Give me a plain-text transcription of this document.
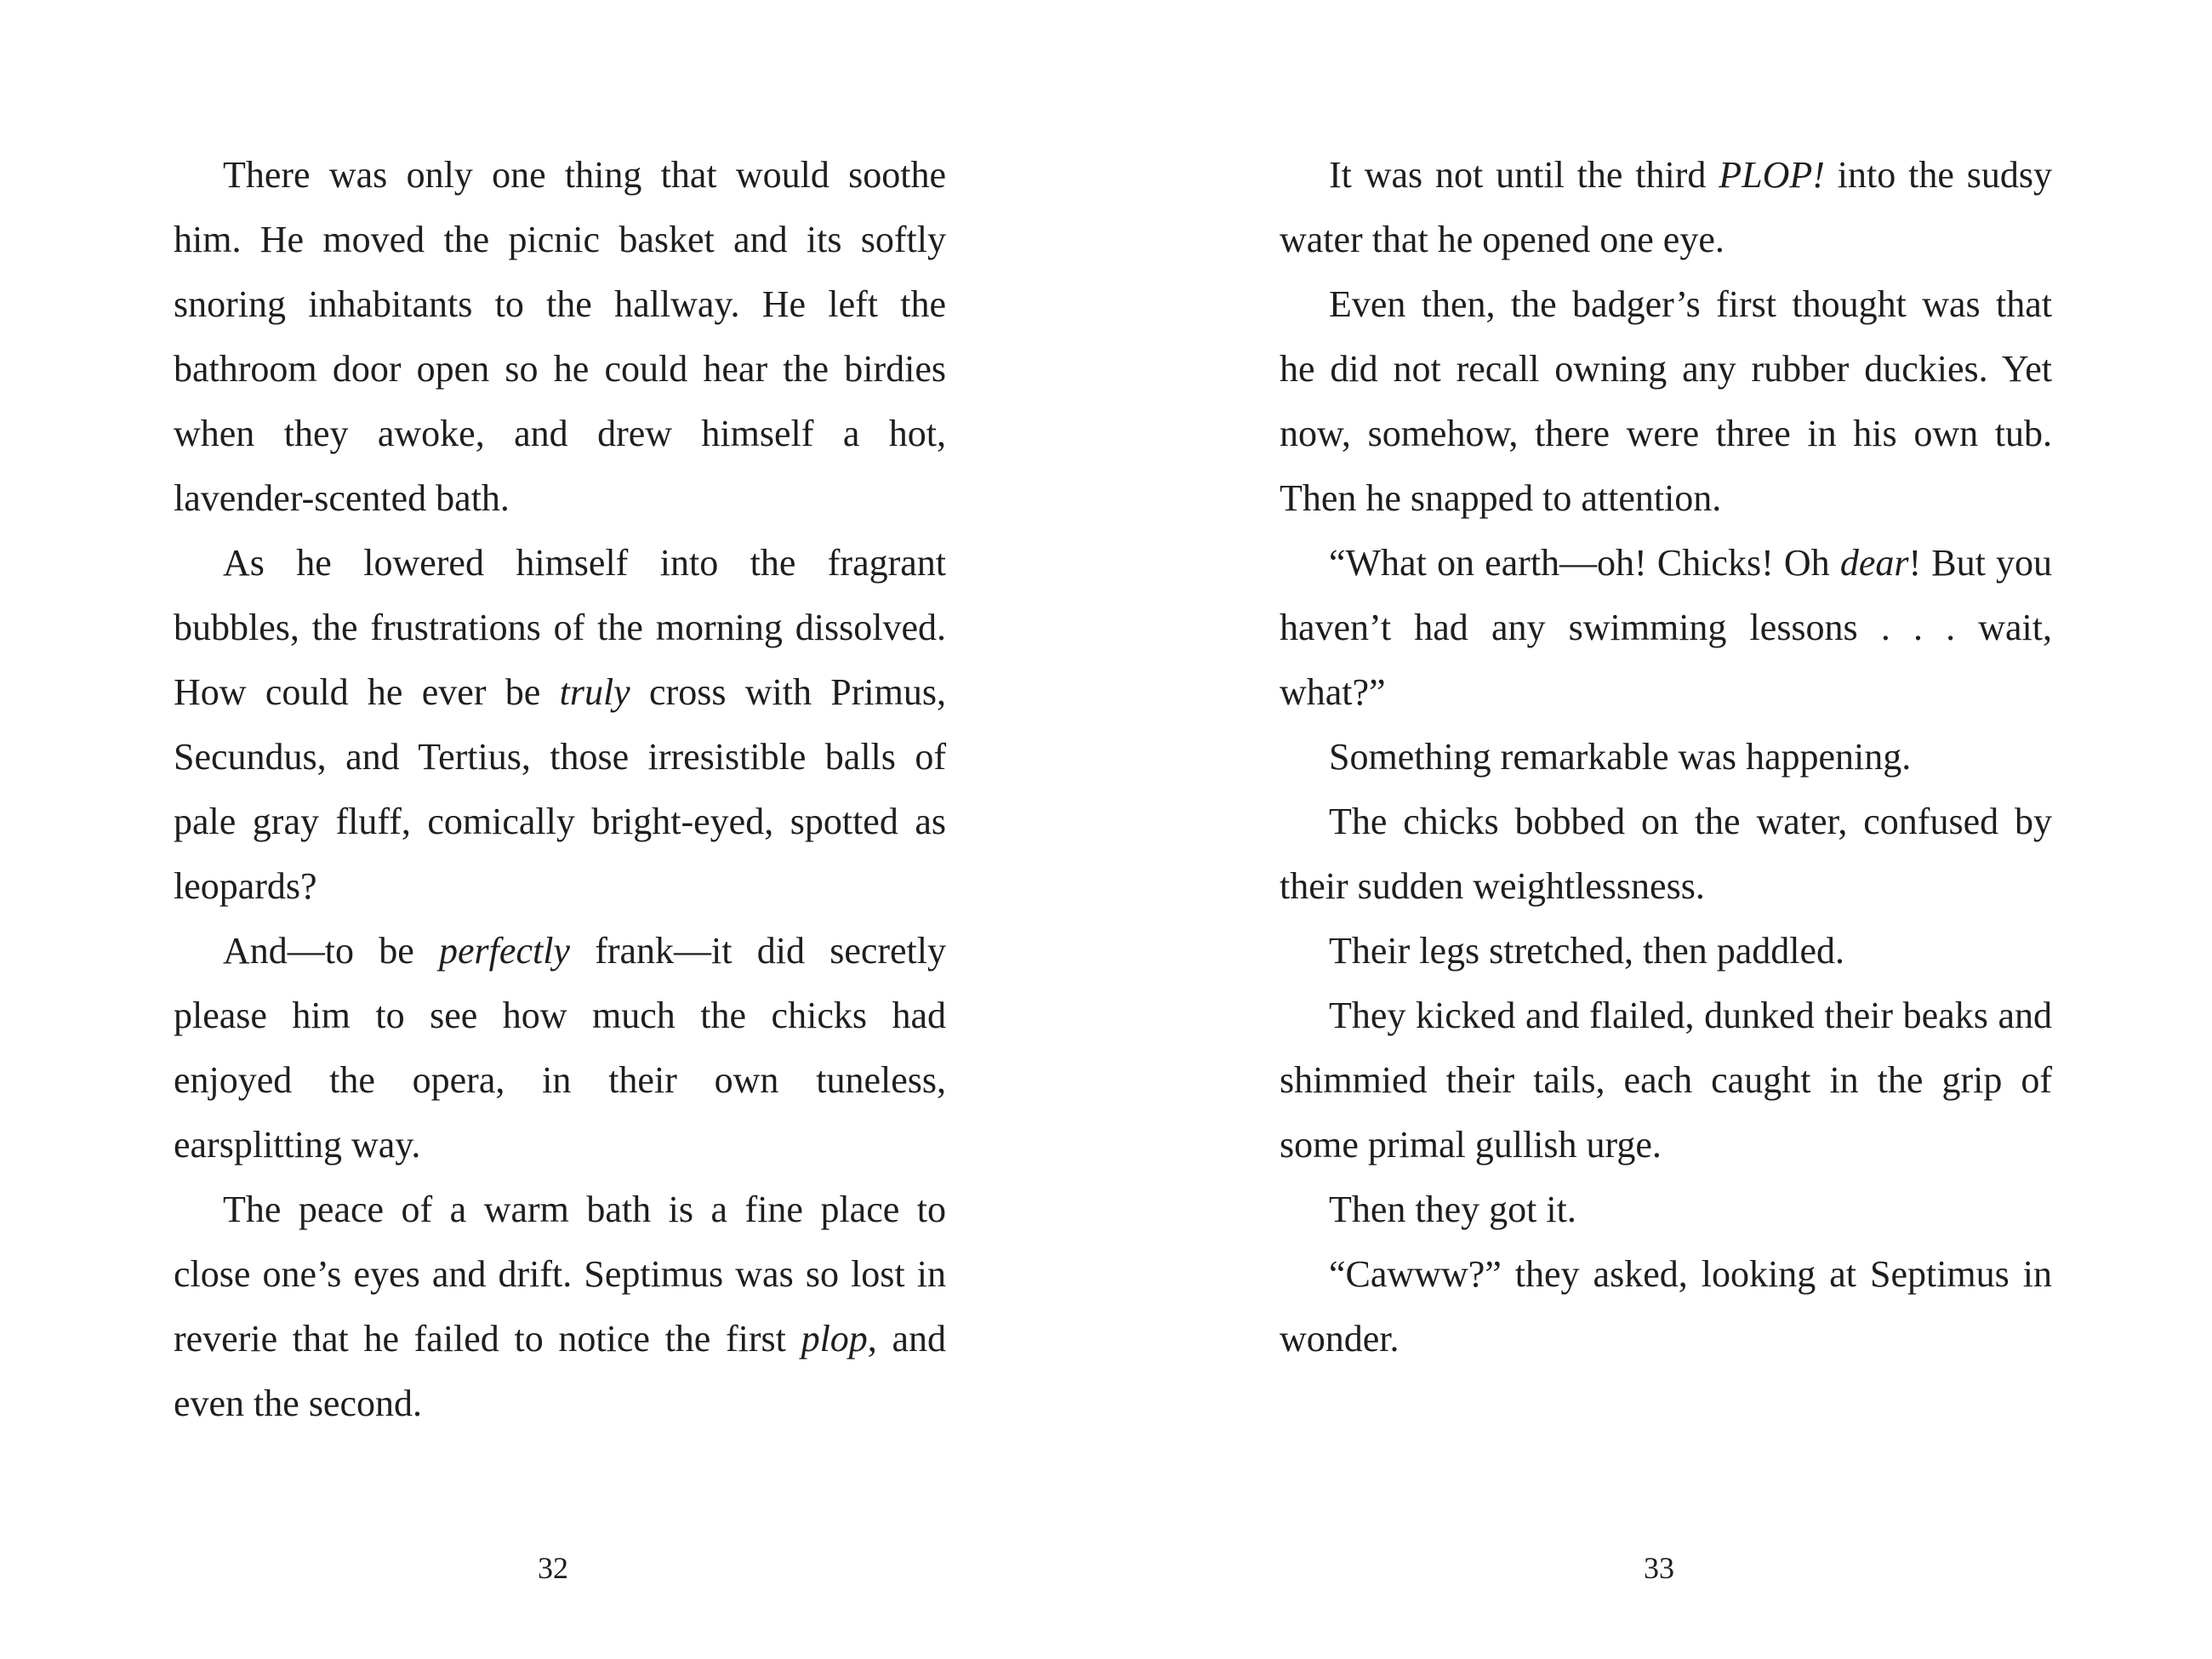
There was only one thing that would soothe him. He moved the picnic basket and its softly snoring inhabitants to the hallway. He left the bathroom door open so he could hear the birdies when they awoke, and drew himself a hot, lavender-scented bath.

As he lowered himself into the fragrant bubbles, the frustrations of the morning dissolved. How could he ever be truly cross with Primus, Secundus, and Tertius, those irresistible balls of pale gray fluff, comically bright-eyed, spotted as leopards?

And—to be perfectly frank—it did secretly please him to see how much the chicks had enjoyed the opera, in their own tuneless, earsplitting way.

The peace of a warm bath is a fine place to close one’s eyes and drift. Septimus was so lost in reverie that he failed to notice the first plop, and even the second.

32

It was not until the third PLOP! into the sudsy water that he opened one eye.

Even then, the badger’s first thought was that he did not recall owning any rubber duckies. Yet now, somehow, there were three in his own tub. Then he snapped to attention.

“What on earth—oh! Chicks! Oh dear! But you haven’t had any swimming lessons . . . wait, what?”

Something remarkable was happening.

The chicks bobbed on the water, confused by their sudden weightlessness.

Their legs stretched, then paddled.

They kicked and flailed, dunked their beaks and shimmied their tails, each caught in the grip of some primal gullish urge.

Then they got it.

“Cawww?” they asked, looking at Septimus in wonder.

33
